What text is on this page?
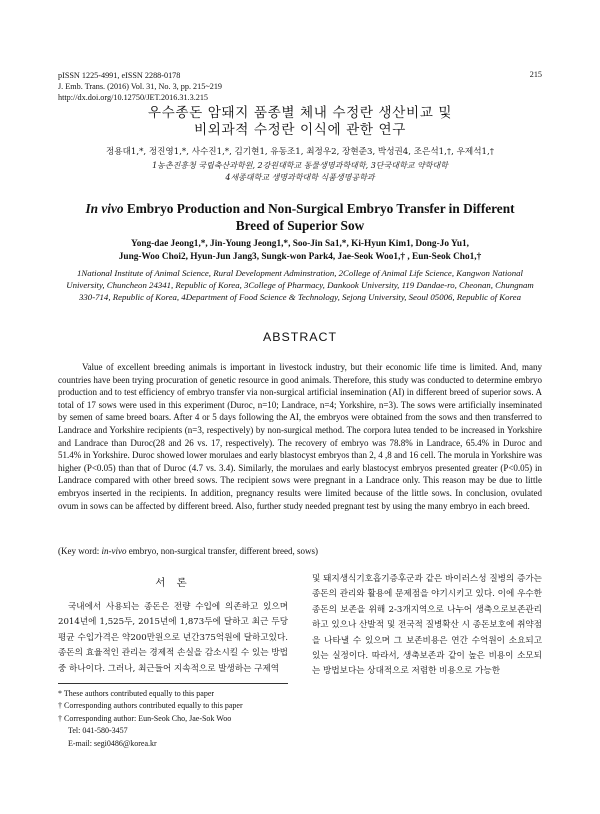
pISSN 1225-4991, eISSN 2288-0178
J. Emb. Trans. (2016) Vol. 31, No. 3, pp. 215~219
http://dx.doi.org/10.12750/JET.2016.31.3.215
215
우수종돈 암돼지 품종별 체내 수정란 생산비교 및
비외과적 수정란 이식에 관한 연구
정용대1,*, 정진영1,*, 사수진1,*, 김기현1, 유동조1, 최정우2, 장현준3, 박성권4, 조은석1,†, 우제석1,†
1농촌진흥청 국립축산과학원, 2강원대학교 동물생명과학대학, 3단국대학교 약학대학
4세종대학교 생명과학대학 식품생명공학과
In vivo Embryo Production and Non-Surgical Embryo Transfer in Different
Breed of Superior Sow
Yong-dae Jeong1,*, Jin-Young Jeong1,*, Soo-Jin Sa1,*, Ki-Hyun Kim1, Dong-Jo Yu1,
Jung-Woo Choi2, Hyun-Jun Jang3, Sungk-won Park4, Jae-Seok Woo1,† , Eun-Seok Cho1,†
1National Institute of Animal Science, Rural Development Adminstration, 2College of Animal Life Science, Kangwon National University, Chuncheon 24341, Republic of Korea, 3College of Pharmacy, Dankook University, 119 Dandae-ro, Cheonan, Chungnam 330-714, Republic of Korea, 4Department of Food Science & Technology, Sejong University, Seoul 05006, Republic of Korea
ABSTRACT

Value of excellent breeding animals is important in livestock industry, but their economic life time is limited. And, many countries have been trying procuration of genetic resource in good animals. Therefore, this study was conducted to determine embryo production and to test efficiency of embryo transfer via non-surgical artificial insemination (AI) in different breed of superior sows. A total of 17 sows were used in this experiment (Duroc, n=10; Landrace, n=4; Yorkshire, n=3). The sows were artificially inseminated by semen of same breed boars. After 4 or 5 days following the AI, the embryos were obtained from the sows and then transferred to Landrace and Yorkshire recipients (n=3, respectively) by non-surgical method. The corpora lutea tended to be increased in Yorkshire and Landrace than Duroc(28 and 26 vs. 17, respectively). The recovery of embryo was 78.8% in Landrace, 65.4% in Duroc and 51.4% in Yorkshire. Duroc showed lower morulaes and early blastocyst embryos than 2, 4 ,8 and 16 cell. The morula in Yorkshire was higher (P<0.05) than that of Duroc (4.7 vs. 3.4). Similarly, the morulaes and early blastocyst embryos presented greater (P<0.05) in Landrace compared with other breed sows. The recipient sows were pregnant in a Landrace only. This reason may be due to little embryos inserted in the recipients. In addition, pregnancy results were limited because of the little sows. In conclusion, ovulated ovum in sows can be affected by different breed. Also, further study needed pregnant test by using the many embryo in each breed.

(Key word: in-vivo embryo, non-surgical transfer, different breed, sows)
서 론

국내에서 사용되는 종돈은 전량 수입에 의존하고 있으며 2014년에 1,525두, 2015년에 1,873두에 달하고 최근 두당 평균 수입가격은 약200만원으로 년간375억원에 달하고있다. 종돈의 효율적인 관리는 경제적 손실을 감소시킬 수 있는 방법 중 하나이다. 그러나, 최근들어 지속적으로 발생하는 구제역

및 돼지생식기호흡기증후군과 같은 바이러스성 질병의 증가는 종돈의 관리와 활용에 문제점을 야기시키고 있다. 이에 우수한 종돈의 보존을 위해 2-3개지역으로 나누어 생축으로보존관리하고 있으나 산발적 및 전국적 질병확산 시 종돈보호에 취약점을 나타낼 수 있으며 그 보존비용은 연간 수억원이 소요되고 있는 실정이다. 따라서, 생축보존과 같이 높은 비용이 소모되는 방법보다는 상대적으로 저렴한 비용으로 가능한

* These authors contributed equally to this paper
† Corresponding authors contributed equally to this paper
† Corresponding author: Eun-Seok Cho, Jae-Sok Woo
Tel: 041-580-3457
E-mail: segi0486@korea.kr
